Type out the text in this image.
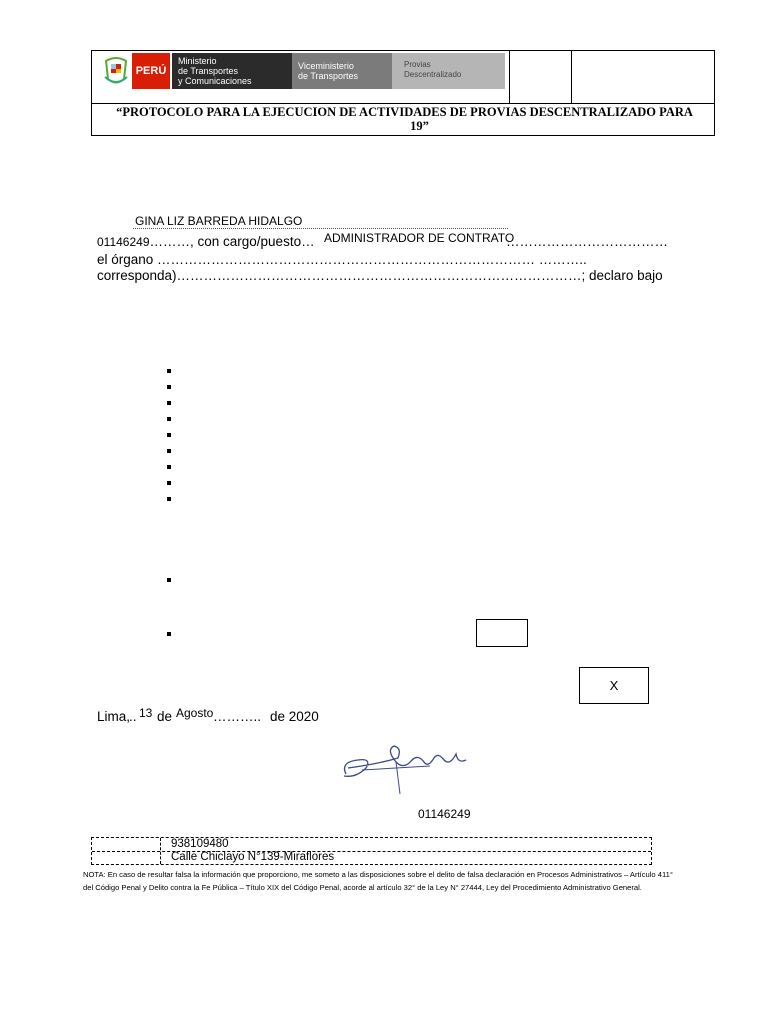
PERÚ
Ministerio
de Transportes
y Comunicaciones
Viceministerio
de Transportes
Provias
Descentralizado
“PROTOCOLO PARA LA EJECUCION DE ACTIVIDADES DE PROVIAS DESCENTRALIZADO PARA
19”
GINA LIZ BARREDA HIDALGO
01146249………, con cargo/puesto… ADMINISTRADOR DE CONTRATO
………………………………
el órgano ………………………………………………………………………… ………..
corresponda)………………………………………………………………………………; declaro bajo
X
Lima,
.. 13 de Agosto ……….. de 2020
01146249
938109480
Calle Chiclayo N°139-Miraflores
NOTA: En caso de resultar falsa la información que proporciono, me someto a las disposiciones sobre el delito de falsa declaración en Procesos Administrativos – Artículo 411° del Código Penal y Delito contra la Fe Pública – Título XIX del Código Penal, acorde al artículo 32° de la Ley N° 27444, Ley del Procedimiento Administrativo General.
